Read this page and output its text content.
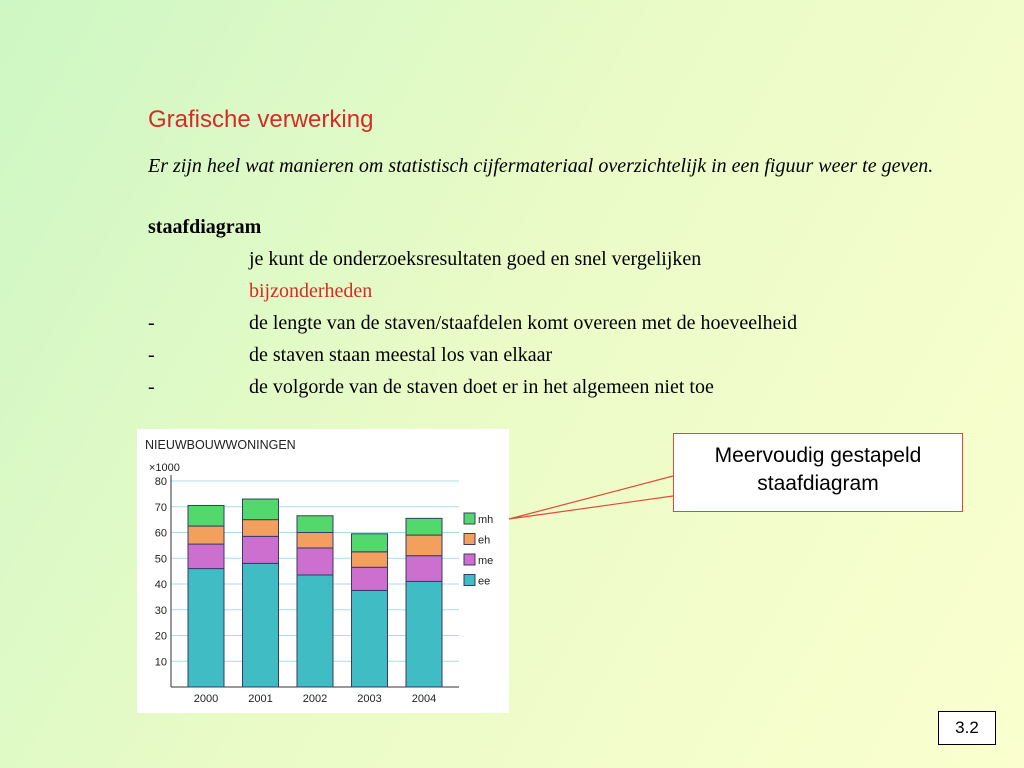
Grafische verwerking
Er zijn heel wat manieren om statistisch cijfermateriaal overzichtelijk in een figuur weer te geven.
staafdiagram
je kunt de onderzoeksresultaten goed en snel vergelijken
bijzonderheden
-	de lengte van de staven/staafdelen komt overeen met de hoeveelheid
-	de staven staan meestal los van elkaar
-	de volgorde van de staven doet er in het algemeen niet toe
NIEUWBOUWWONINGEN
×1000
10
20
30
40
50
60
70
80
2000	2001	2002	2003	2004
mh
eh
me
ee
Meervoudig gestapeld
staafdiagram
3.2
